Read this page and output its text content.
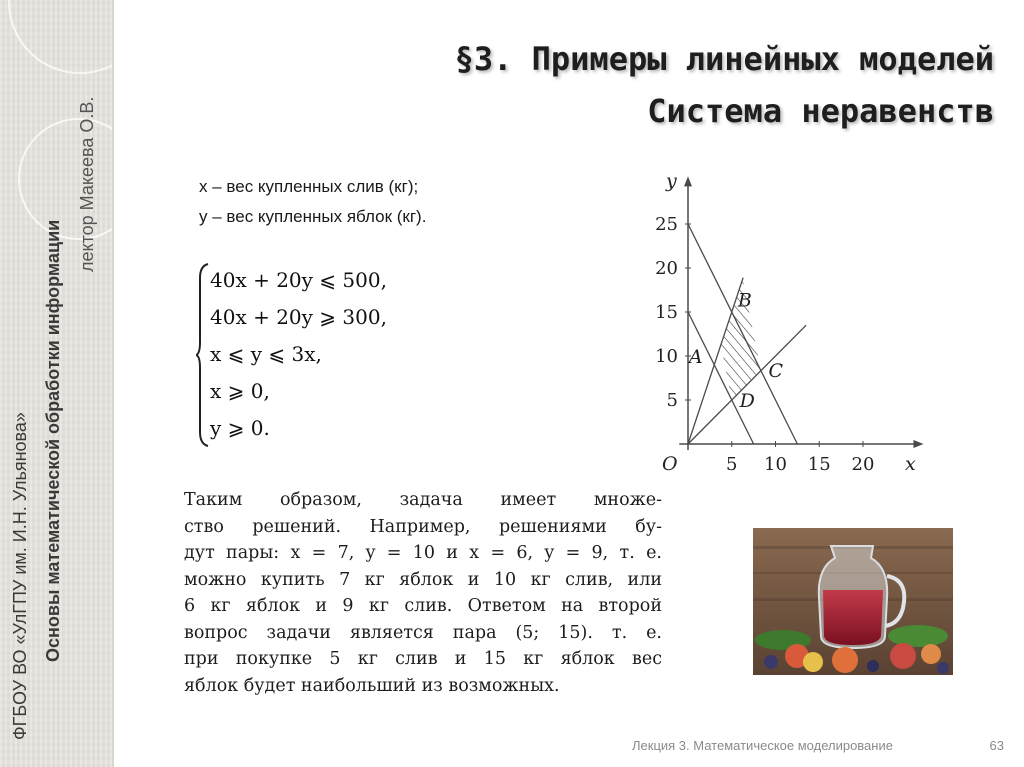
ФГБОУ ВО «УлГПУ им. И.Н. Ульянова» Основы математической обработки информации
лектор Макеева О.В.
§3. Примеры линейных моделей
Система неравенств
x – вес купленных слив (кг);
y – вес купленных яблок (кг).
40x + 20y ⩽ 500,
40x + 20y ⩾ 300,
x ⩽ y ⩽ 3x,
x ⩾ 0,
y ⩾ 0.
5 10 15 20
5
10
15
20
25
O	x
y
A
B
C
D
Таким образом, задача имеет множе-
ство решений. Например, решениями бу-
дут пары: x = 7, y = 10 и x = 6, y = 9, т. е.
можно купить 7 кг яблок и 10 кг слив, или
6 кг яблок и 9 кг слив. Ответом на второй
вопрос задачи является пара (5; 15). т. е.
при покупке 5 кг слив и 15 кг яблок вес
яблок будет наибольший из возможных.
Лекция 3. Математическое моделирование	63
